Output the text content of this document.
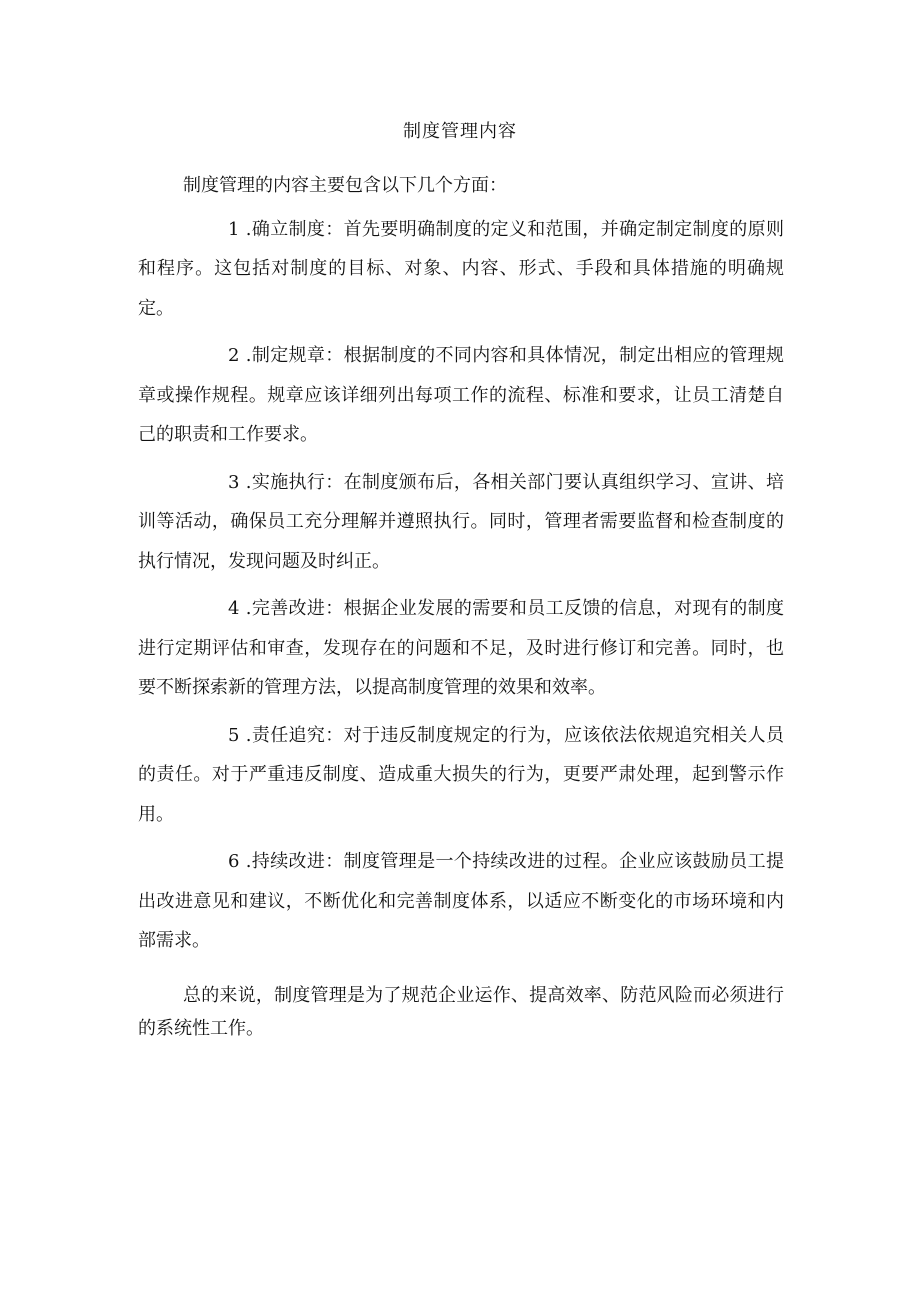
制度管理内容

制度管理的内容主要包含以下几个方面：

1 .确立制度：首先要明确制度的定义和范围，并确定制定制度的原则和程序。这包括对制度的目标、对象、内容、形式、手段和具体措施的明确规定。

2 .制定规章：根据制度的不同内容和具体情况，制定出相应的管理规章或操作规程。规章应该详细列出每项工作的流程、标准和要求，让员工清楚自己的职责和工作要求。

3 .实施执行：在制度颁布后，各相关部门要认真组织学习、宣讲、培训等活动，确保员工充分理解并遵照执行。同时，管理者需要监督和检查制度的执行情况，发现问题及时纠正。

4 .完善改进：根据企业发展的需要和员工反馈的信息，对现有的制度进行定期评估和审查，发现存在的问题和不足，及时进行修订和完善。同时，也要不断探索新的管理方法，以提高制度管理的效果和效率。

5 .责任追究：对于违反制度规定的行为，应该依法依规追究相关人员的责任。对于严重违反制度、造成重大损失的行为，更要严肃处理，起到警示作用。

6 .持续改进：制度管理是一个持续改进的过程。企业应该鼓励员工提出改进意见和建议，不断优化和完善制度体系，以适应不断变化的市场环境和内部需求。

总的来说，制度管理是为了规范企业运作、提高效率、防范风险而必须进行的系统性工作。
